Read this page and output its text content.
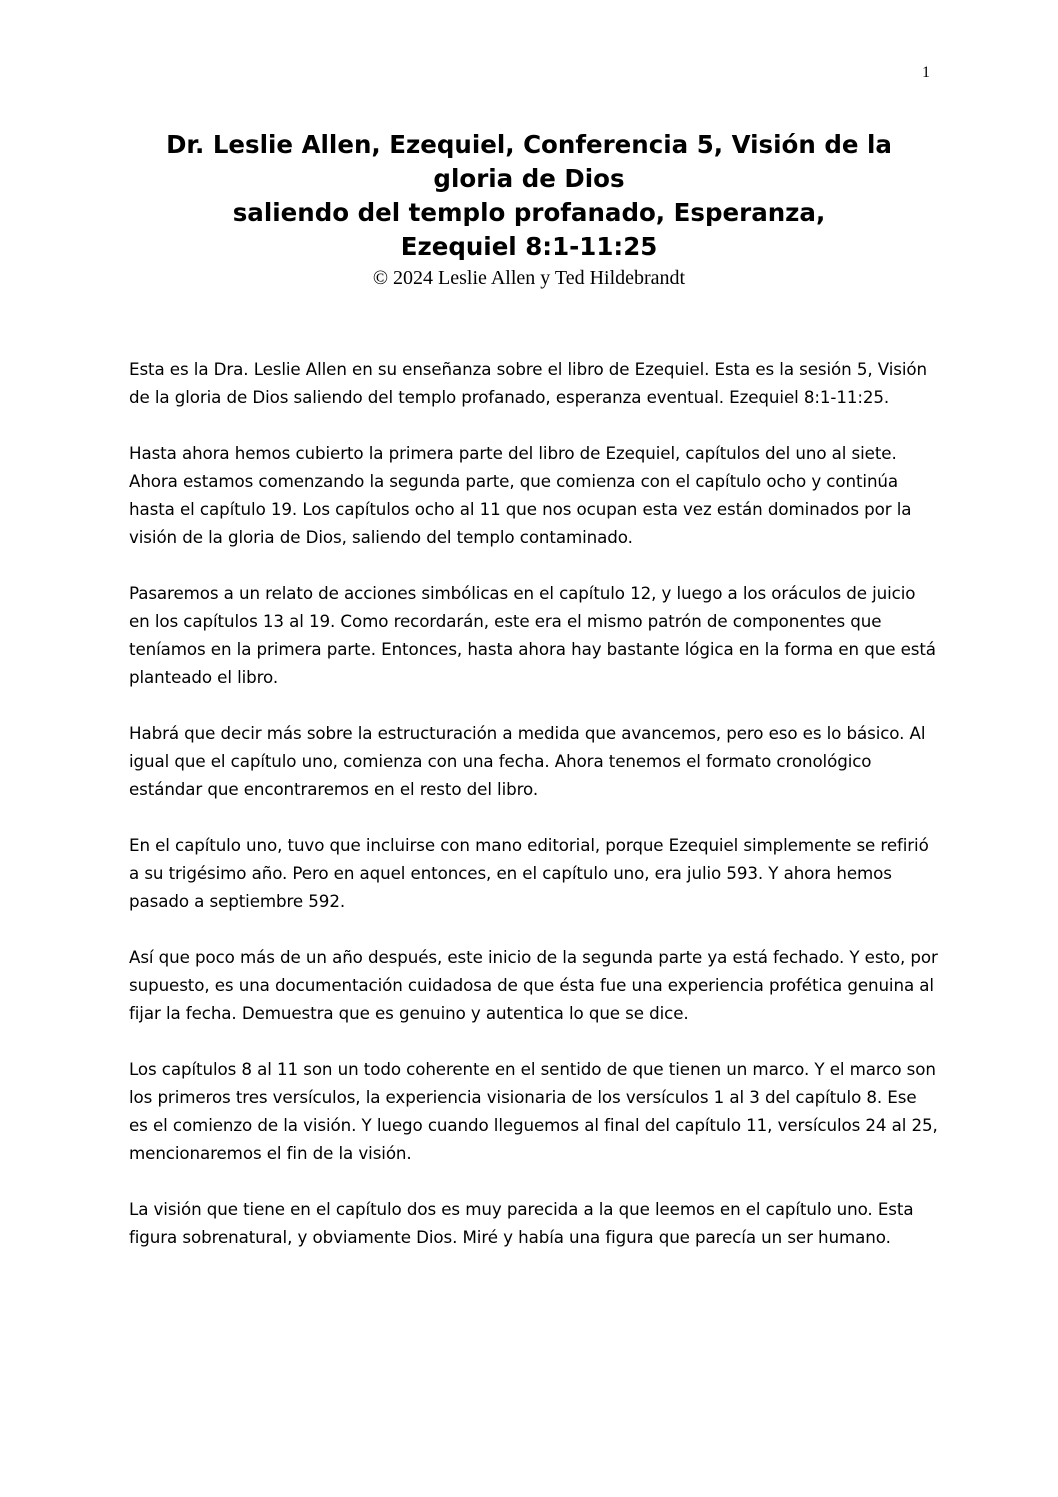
1

Dr. Leslie Allen, Ezequiel, Conferencia 5, Visión de la

gloria de Dios

saliendo del templo profanado, Esperanza,

Ezequiel 8:1-11:25

© 2024 Leslie Allen y Ted Hildebrandt

Esta es la Dra. Leslie Allen en su enseñanza sobre el libro de Ezequiel. Esta es la sesión 5, Visión de la gloria de Dios saliendo del templo profanado, esperanza eventual. Ezequiel 8:1-11:25.

Hasta ahora hemos cubierto la primera parte del libro de Ezequiel, capítulos del uno al siete. Ahora estamos comenzando la segunda parte, que comienza con el capítulo ocho y continúa hasta el capítulo 19. Los capítulos ocho al 11 que nos ocupan esta vez están dominados por la visión de la gloria de Dios, saliendo del templo contaminado.

Pasaremos a un relato de acciones simbólicas en el capítulo 12, y luego a los oráculos de juicio en los capítulos 13 al 19. Como recordarán, este era el mismo patrón de componentes que teníamos en la primera parte. Entonces, hasta ahora hay bastante lógica en la forma en que está planteado el libro.

Habrá que decir más sobre la estructuración a medida que avancemos, pero eso es lo básico. Al igual que el capítulo uno, comienza con una fecha. Ahora tenemos el formato cronológico estándar que encontraremos en el resto del libro.

En el capítulo uno, tuvo que incluirse con mano editorial, porque Ezequiel simplemente se refirió a su trigésimo año. Pero en aquel entonces, en el capítulo uno, era julio 593. Y ahora hemos pasado a septiembre 592.

Así que poco más de un año después, este inicio de la segunda parte ya está fechado. Y esto, por supuesto, es una documentación cuidadosa de que ésta fue una experiencia profética genuina al fijar la fecha. Demuestra que es genuino y autentica lo que se dice.

Los capítulos 8 al 11 son un todo coherente en el sentido de que tienen un marco. Y el marco son los primeros tres versículos, la experiencia visionaria de los versículos 1 al 3 del capítulo 8. Ese es el comienzo de la visión. Y luego cuando lleguemos al final del capítulo 11, versículos 24 al 25, mencionaremos el fin de la visión.

La visión que tiene en el capítulo dos es muy parecida a la que leemos en el capítulo uno. Esta figura sobrenatural, y obviamente Dios. Miré y había una figura que parecía un ser humano.
